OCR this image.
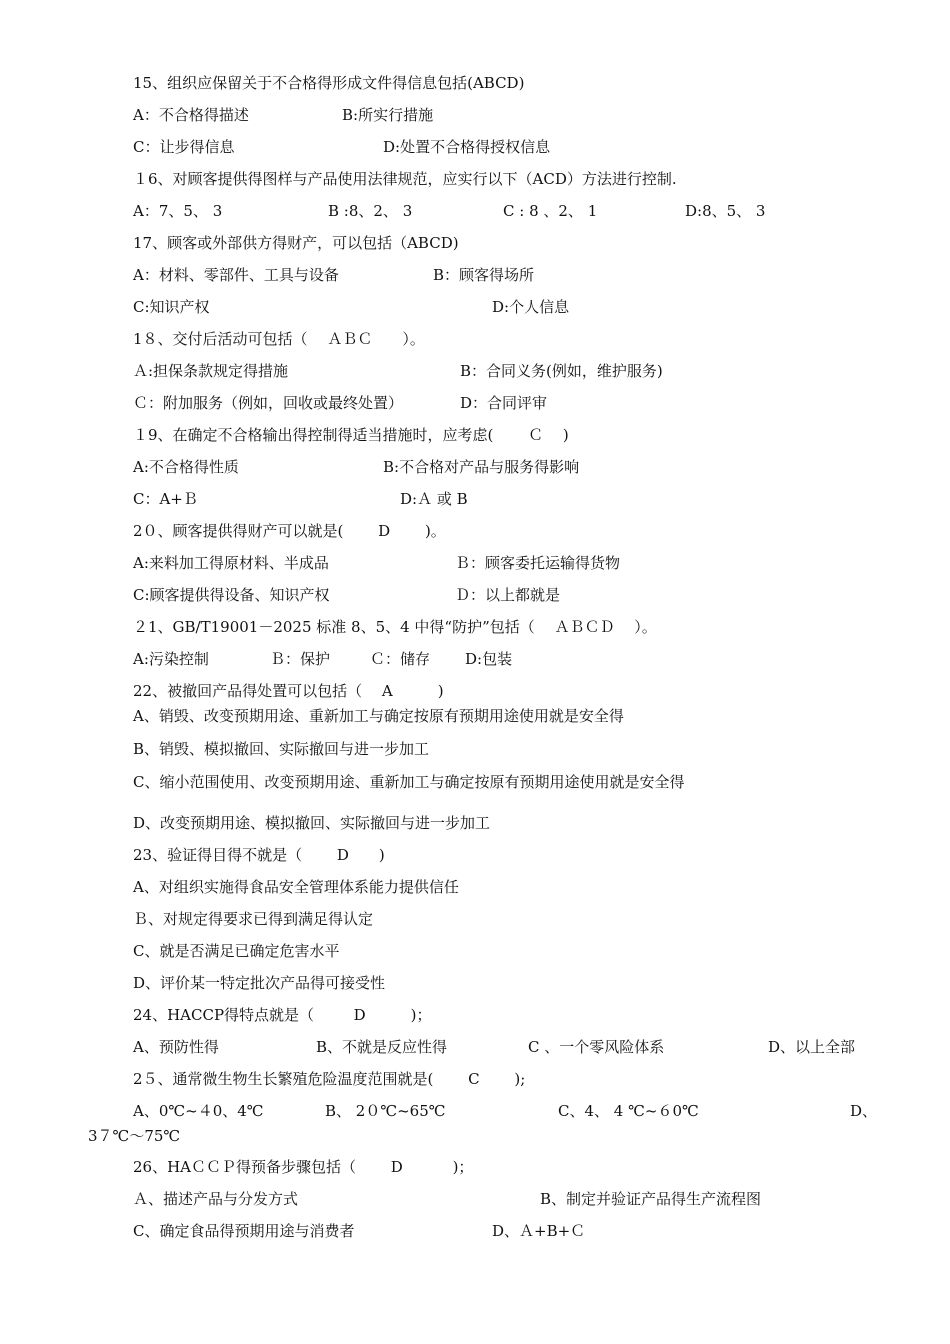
15、组织应保留关于不合格得形成文件得信息包括(ABCD)
A：不合格得描述	B:所实行措施
C：让步得信息	D:处置不合格得授权信息
１6、对顾客提供得图样与产品使用法律规范，应实行以下（ACD）方法进行控制.
A：7、5、 3	B :8、2、 3	C : 8 、2、 1	D:8、5、 3
17、顾客或外部供方得财产，可以包括（ABCD)
A：材料、零部件、工具与设备	B：顾客得场所
C:知识产权	D:个人信息
1８、交付后活动可包括（　 ＡＢＣ　　）。
Ａ:担保条款规定得措施	B：合同义务(例如，维护服务)
Ｃ：附加服务（例如，回收或最终处置）	D：合同评审
１9、在确定不合格输出得控制得适当措施时，应考虑(　　 Ｃ　 )
A:不合格得性质	B:不合格对产品与服务得影响
C：A+Ｂ	D:Ａ 或 B
2０、顾客提供得财产可以就是(　 　D　 　)。
A:来料加工得原材料、半成品	Ｂ：顾客委托运输得货物
C:顾客提供得设备、知识产权	Ｄ：以上都就是
２1、GB/T19001－2025 标准 8、5、4 中得“防护”包括（　 ＡＢＣＤ　 ）。
A:污染控制	Ｂ：保护	Ｃ：储存 D:包装
22、被撤回产品得处置可以包括（　 A　　　)
A、销毁、改变预期用途、重新加工与确定按原有预期用途使用就是安全得
B、销毁、模拟撤回、实际撤回与进一步加工
C、缩小范围使用、改变预期用途、重新加工与确定按原有预期用途使用就是安全得
D、改变预期用途、模拟撤回、实际撤回与进一步加工
23、验证得目得不就是（　　 D　　)
A、对组织实施得食品安全管理体系能力提供信任
Ｂ、对规定得要求已得到满足得认定
C、就是否满足已确定危害水平
D、评价某一特定批次产品得可接受性
24、HACCP得特点就是（　 　 D　　　)；
A、预防性得	B、不就是反应性得	C 、一个零风险体系	D、以上全部
2５、通常微生物生长繁殖危险温度范围就是(　 　C　　 );
A、0℃~４0、4℃	B、 2０℃~65℃	C、4、 4 ℃~６0℃	D、
3７℃～75℃
26、HAＣＣＰ得预备步骤包括（　 　D　　　 )；
Ａ、描述产品与分发方式	B、制定并验证产品得生产流程图
C、确定食品得预期用途与消费者	D、Ａ+B+Ｃ
